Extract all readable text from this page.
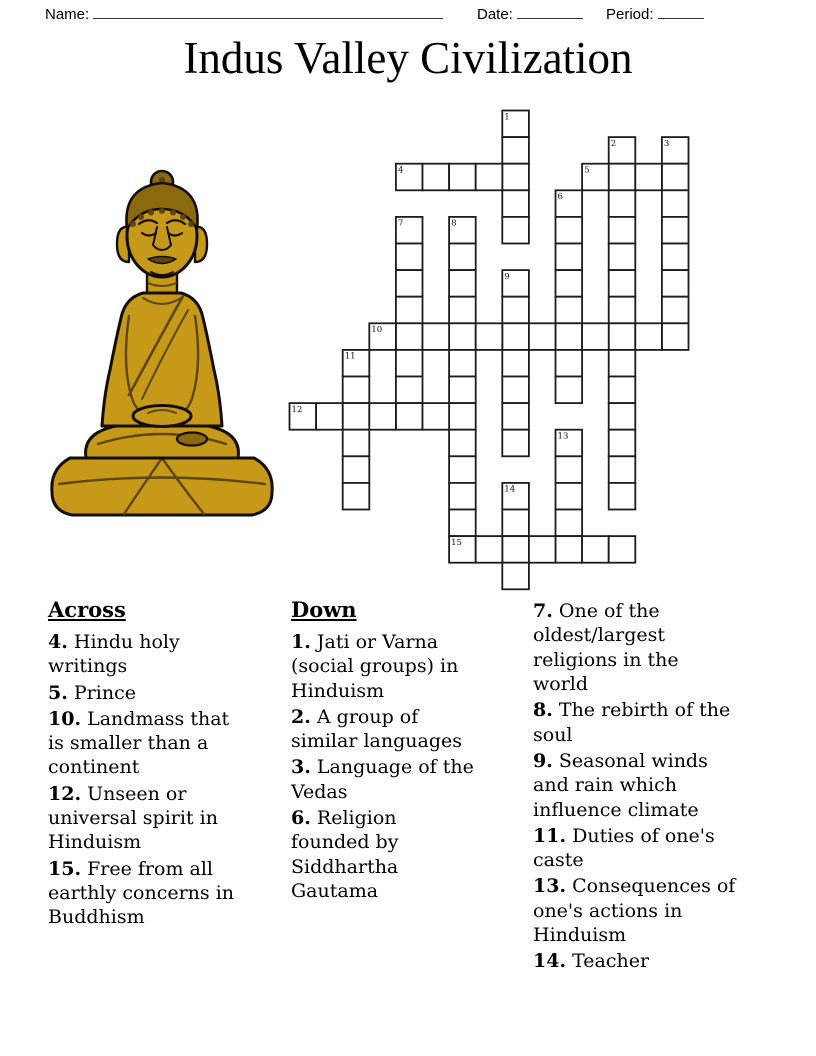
Name:	Date:	Period:
Indus Valley Civilization
1
2	3
4	5
6
7	8
15
9
10
11
12
13
14
Across
4. Hindu holy writings
5. Prince
10. Landmass that is smaller than a continent
12. Unseen or universal spirit in Hinduism
15. Free from all earthly concerns in Buddhism
Down
1. Jati or Varna (social groups) in Hinduism
2. A group of similar languages
3. Language of the Vedas
6. Religion founded by Siddhartha Gautama
7. One of the oldest/largest religions in the world
8. The rebirth of the soul
9. Seasonal winds and rain which influence climate
11. Duties of one's caste
13. Consequences of one's actions in Hinduism
14. Teacher
